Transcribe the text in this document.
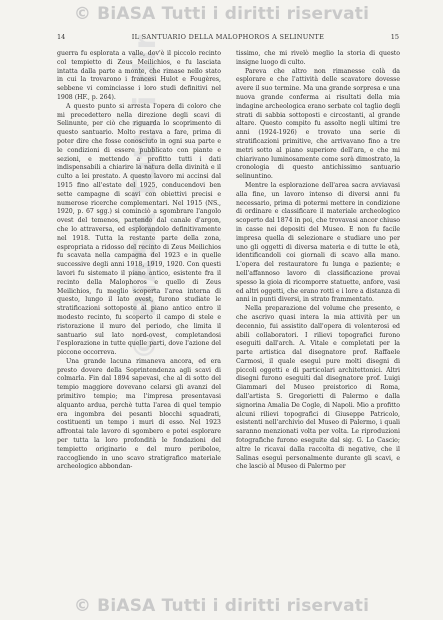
© BiASA Tutti i diritti riservati
© BiASA Tutti i dir
14	IL SANTUARIO DELLA MALOPHOROS A SELINUNTE	15

guerra fu esplorata a valle, dov'è il piccolo recinto col tempietto di Zeus Meilichios, e fu lasciata intatta dalla parte a monte, che rimase nello stato in cui la trovarono i francesi Hulot e Fougères, sebbene vi cominciasse i loro studi definitivi nel 1908 (HF., p. 264).

A questo punto si arresta l'opera di coloro che mi precedettero nella direzione degli scavi di Selinunte, per ciò che riguarda lo scoprimento di questo santuario. Molto restava a fare, prima di poter dire che fosse conosciuto in ogni sua parte e le condizioni di essere pubblicato con piante e sezioni, e mettendo a profitto tutti i dati indispensabili a chiarire la natura della divinità e il culto a lei prestato. A questo lavoro mi accinsi dal 1915 fino all'estate del 1925, conducendovi ben sette campagne di scavi con obiettivi precisi e numerose ricerche complementari. Nel 1915 (NS., 1920, p. 67 sgg.) si cominciò a sgombrare l'angolo ovest del temenos, partendo dal canale d'argon, che lo attraversa, ed esplorandolo definitivamente nel 1918. Tutta la restante parte della zona, espropriata a ridosso del recinto di Zeus Meilichios fu scavata nella campagna del 1923 e in quelle successive degli anni 1918, 1919, 1920. Con questi lavori fu sistemato il piano antico, esistente fra il recinto della Malophoros e quello di Zeus Meilichios, fu meglio scoperta l'area interna di questo, lungo il lato ovest, furono studiate le stratificazioni sottoposte al piano antico entro il modesto recinto, fu scoperto il campo di stele e ristorazione il muro del periodo, che limita il santuario sul lato nord-ovest, completandosi l'esplorazione in tutte quelle parti, dove l'azione del piccone occorreva.

Una grande lacuna rimaneva ancora, ed era presto dovere della Soprintendenza agli scavi di colmarla. Fin dal 1894 sapevasi, che al di sotto del tempio maggiore dovevano celarsi gli avanzi del primitivo tempio; ma l'impresa presentavasi alquanto ardua, perchè tutta l'area di quel tempio era ingombra dei pesanti blocchi squadrati, costituenti un tempo i muri di esso. Nel 1923 affrontai tale lavoro di sgombero e potei esplorare per tutta la loro profondità le fondazioni del tempietto originario e del muro periboloe, raccogliendo in uno scavo stratigrafico materiale archeologico abbondan-

tissimo, che mi rivelò meglio la storia di questo insigne luogo di culto.

Pareva che altro non rimanesse colà da esplorare e che l'attività delle scavatore dovesse avere il suo termine. Ma una grande sorpresa e una nuova grande conferma ai risultati della mia indagine archeologica erano serbate col taglio degli strati di sabbia sottoposti e circostanti, al grande altare. Questo compito fu assolto negli ultimi tre anni (1924-1926) e trovato una serie di stratificazioni primitive, che arrivavano fino a tre metri sotto al piano superiore dell'ara, e che mi chiarivano luminosamente come sorà dimostrato, la cronologia di questo antichissimo santuario selinuntino.

Mentre la esplorazione dell'area sacra avviavasi alla fine, un lavoro intenso di diversi anni fu necessario, prima di potermi mettere in condizione di ordinare e classificare il materiale archeologico scoperto dal 1874 in poi, che trovavasi ancor chiuso in casse nei depositi del Museo. E non fu facile impresa quella di selezionare e studiare uno per uno gli oggetti di diversa materia e di tutte le età, identificandoli coi giornali di scavo alla mano. L'opera del restauratore fu lunga e paziente; e nell'affannoso lavoro di classificazione provai spesso la gioia di ricomporre statuette, anfore, vasi ed altri oggetti, che erano rotti e i lore a distanza di anni in punti diversi, in strato frammentato.

Nella preparazione del volume che presento, e che ascrivo quasi intera la mia attività per un decennio, fui assistito dall'opera di volenterosi ed abili collaboratori. I rilievi topografici furono eseguiti dall'arch. A. Vitale e completati per la parte artistica dal disegnatore prof. Raffaele Carmosi, il quale eseguì pure molti disegni di piccoli oggetti e di particolari architettonici. Altri disegni furono eseguiti dal disegnatore prof. Luigi Giammari del Museo preistorico di Roma, dall'artista S. Gregorietti di Palermo e dalla signorina Amalia De Cogle, di Napoli. Mio a profitto alcuni rilievi topografici di Giuseppe Patricolo, esistenti nell'archivio del Museo di Palermo, i quali saranno menzionati volta per volta. Le riproduzioni fotografiche furono eseguite dal sig. G. Lo Cascio; altre le ricavai dalla raccolta di negative, che il Salinas eseguì personalmente durante gli scavi, e che lasciò al Museo di Palermo per

© BiASA Tutti i diritti riservati
